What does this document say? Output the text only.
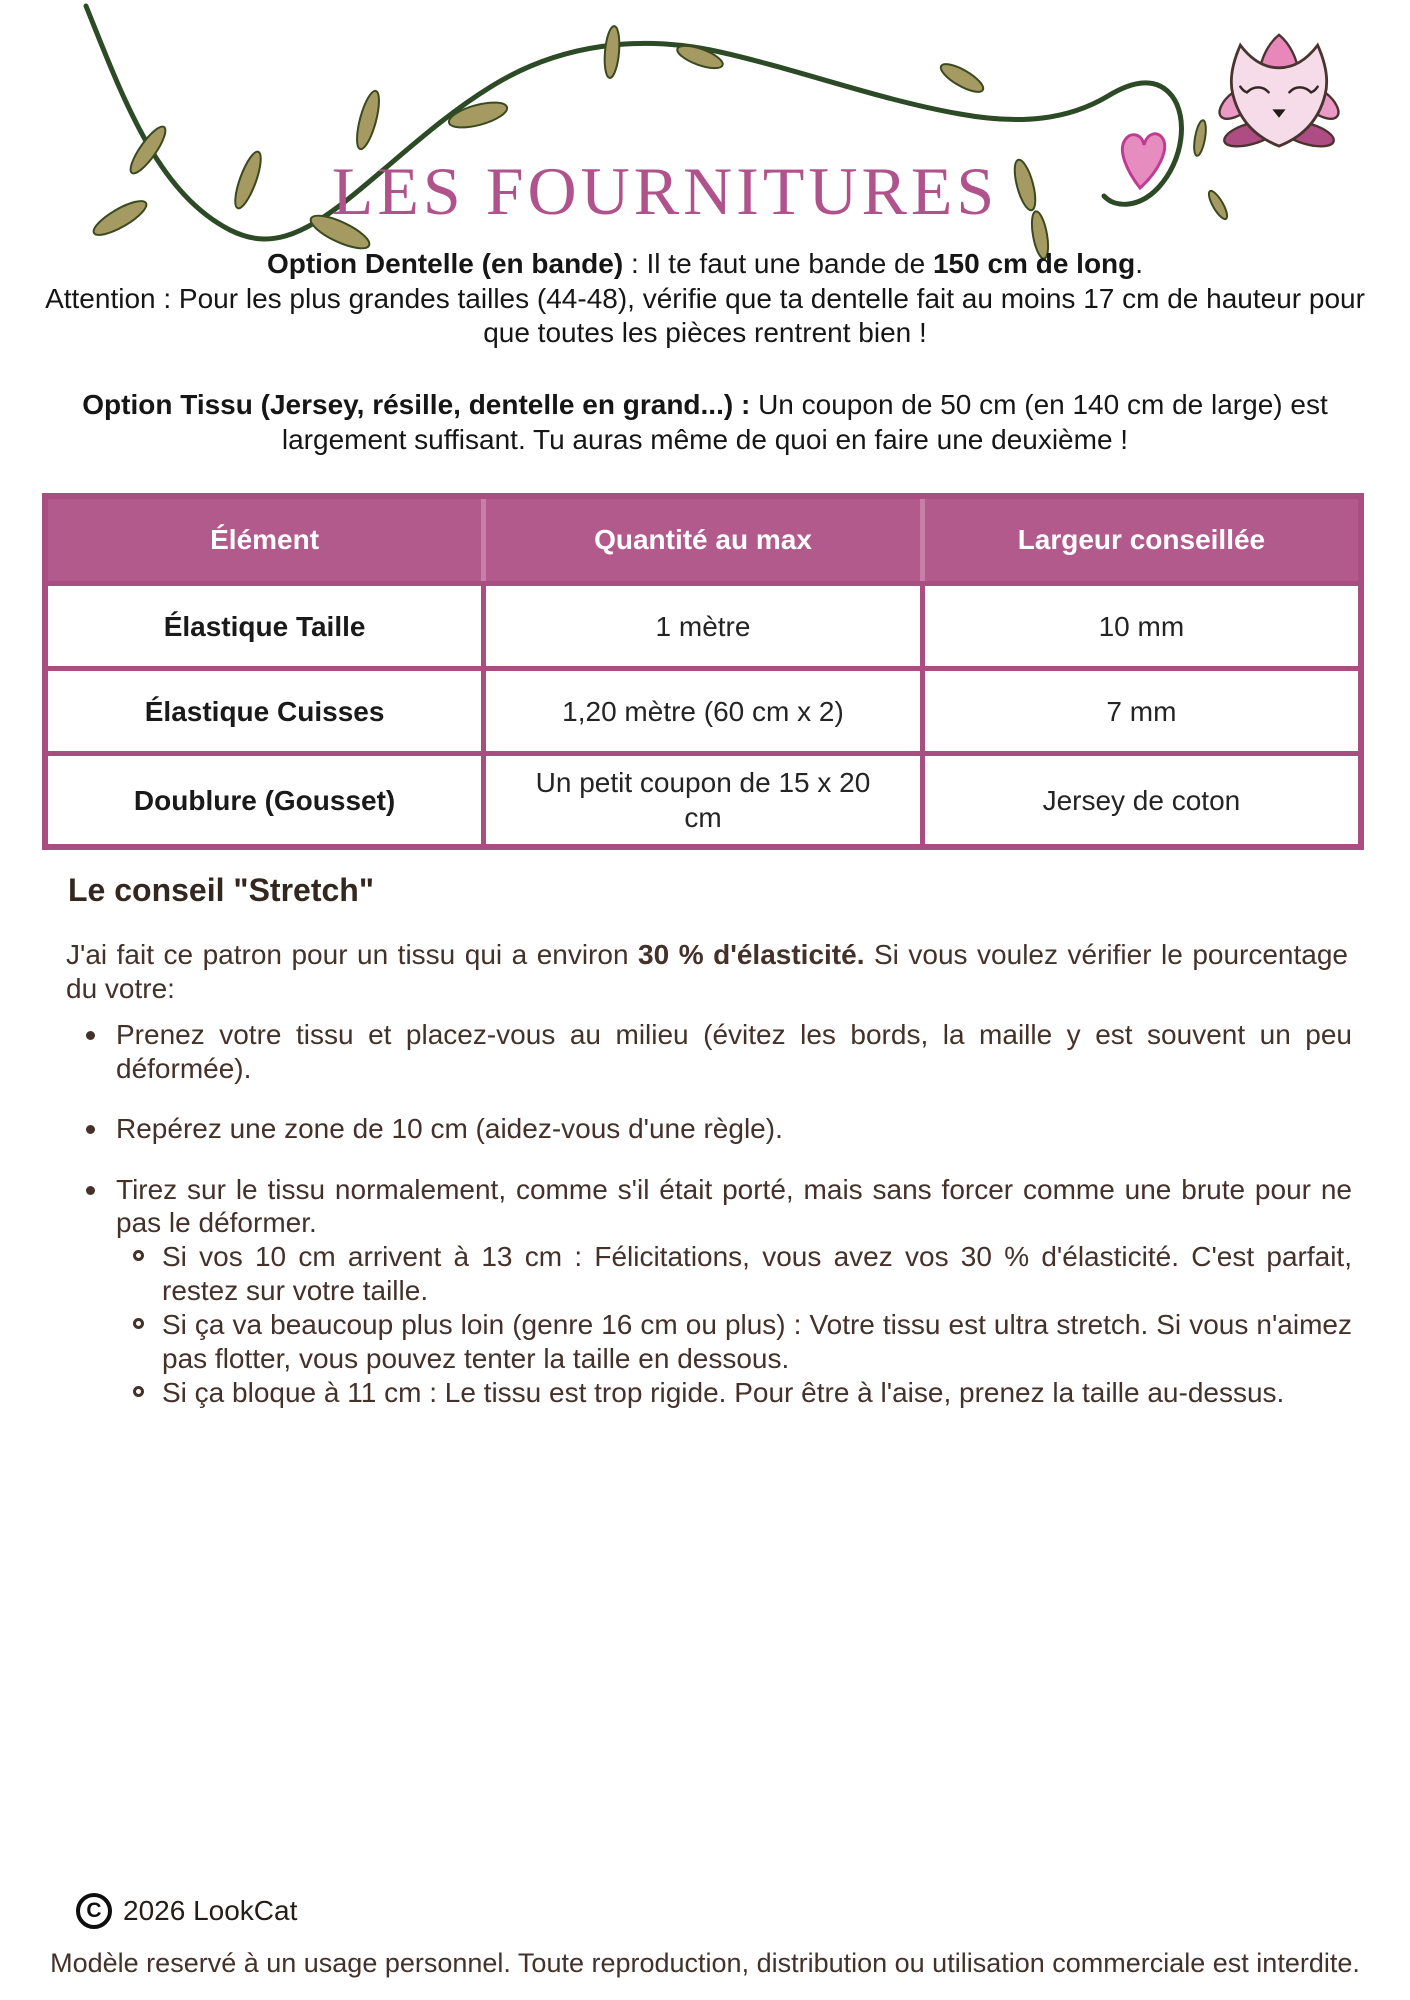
LES FOURNITURES

Option Dentelle (en bande) : Il te faut une bande de 150 cm de long.
Attention : Pour les plus grandes tailles (44-48), vérifie que ta dentelle fait au moins 17 cm de hauteur pour que toutes les pièces rentrent bien !

Option Tissu (Jersey, résille, dentelle en grand...) : Un coupon de 50 cm (en 140 cm de large) est largement suffisant. Tu auras même de quoi en faire une deuxième !

Élément	Quantité au max	Largeur conseillée
Élastique Taille	1 mètre	10 mm
Élastique Cuisses	1,20 mètre (60 cm x 2)	7 mm
Doublure (Gousset)	Un petit coupon de 15 x 20 cm	Jersey de coton
Le conseil "Stretch"

J'ai fait ce patron pour un tissu qui a environ 30 % d'élasticité. Si vous voulez vérifier le pourcentage du votre:

Prenez votre tissu et placez-vous au milieu (évitez les bords, la maille y est souvent un peu déformée).
Repérez une zone de 10 cm (aidez-vous d'une règle).
Tirez sur le tissu normalement, comme s'il était porté, mais sans forcer comme une brute pour ne pas le déformer.
Si vos 10 cm arrivent à 13 cm : Félicitations, vous avez vos 30 % d'élasticité. C'est parfait, restez sur votre taille.
Si ça va beaucoup plus loin (genre 16 cm ou plus) : Votre tissu est ultra stretch. Si vous n'aimez pas flotter, vous pouvez tenter la taille en dessous.
Si ça bloque à 11 cm : Le tissu est trop rigide. Pour être à l'aise, prenez la taille au-dessus.
C 2026 LookCat
Modèle reservé à un usage personnel. Toute reproduction, distribution ou utilisation commerciale est interdite.
